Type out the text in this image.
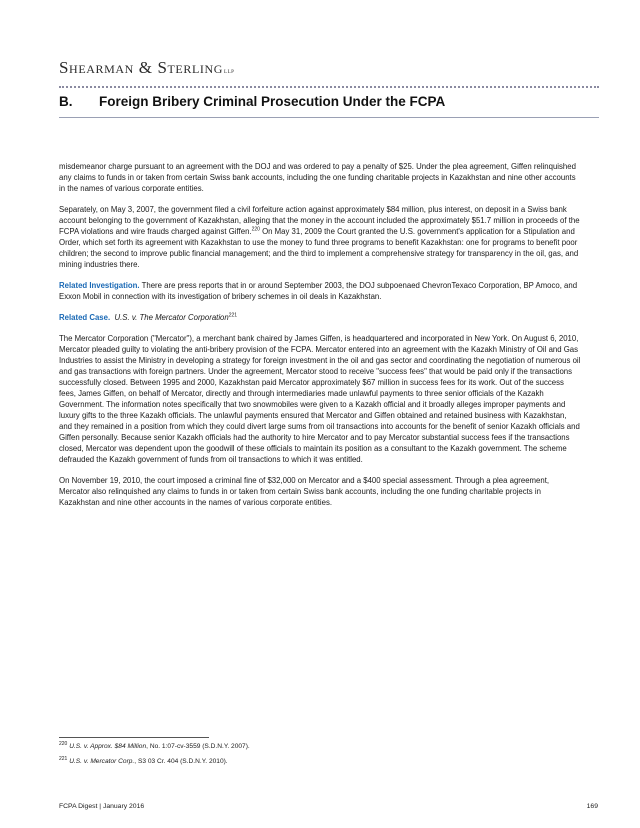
Shearman & Sterlingllp
B. Foreign Bribery Criminal Prosecution Under the FCPA

misdemeanor charge pursuant to an agreement with the DOJ and was ordered to pay a penalty of $25. Under the plea agreement, Giffen relinquished any claims to funds in or taken from certain Swiss bank accounts, including the one funding charitable projects in Kazakhstan and nine other accounts in the names of various corporate entities.

Separately, on May 3, 2007, the government filed a civil forfeiture action against approximately $84 million, plus interest, on deposit in a Swiss bank account belonging to the government of Kazakhstan, alleging that the money in the account included the approximately $51.7 million in proceeds of the FCPA violations and wire frauds charged against Giffen.$^{220}$ On May 31, 2009 the Court granted the U.S. government's application for a Stipulation and Order, which set forth its agreement with Kazakhstan to use the money to fund three programs to benefit Kazakhstan: one for programs to benefit poor children; the second to improve public financial management; and the third to implement a comprehensive strategy for transparency in the oil, gas, and mining industries there.

Related Investigation. There are press reports that in or around September 2003, the DOJ subpoenaed ChevronTexaco Corporation, BP Amoco, and Exxon Mobil in connection with its investigation of bribery schemes in oil deals in Kazakhstan.

Related Case. U.S. v. The Mercator Corporation$^{221}$

The Mercator Corporation ("Mercator"), a merchant bank chaired by James Giffen, is headquartered and incorporated in New York. On August 6, 2010, Mercator pleaded guilty to violating the anti-bribery provision of the FCPA. Mercator entered into an agreement with the Kazakh Ministry of Oil and Gas Industries to assist the Ministry in developing a strategy for foreign investment in the oil and gas sector and coordinating the negotiation of numerous oil and gas transactions with foreign partners. Under the agreement, Mercator stood to receive "success fees" that would be paid only if the transactions successfully closed. Between 1995 and 2000, Kazakhstan paid Mercator approximately $67 million in success fees for its work. Out of the success fees, James Giffen, on behalf of Mercator, directly and through intermediaries made unlawful payments to three senior officials of the Kazakh Government. The information notes specifically that two snowmobiles were given to a Kazakh official and it broadly alleges improper payments and luxury gifts to the three Kazakh officials. The unlawful payments ensured that Mercator and Giffen obtained and retained business with Kazakhstan, and they remained in a position from which they could divert large sums from oil transactions into accounts for the benefit of senior Kazakh officials and Giffen personally. Because senior Kazakh officials had the authority to hire Mercator and to pay Mercator substantial success fees if the transactions closed, Mercator was dependent upon the goodwill of these officials to maintain its position as a consultant to the Kazakh government. The scheme defrauded the Kazakh government of funds from oil transactions to which it was entitled.

On November 19, 2010, the court imposed a criminal fine of $32,000 on Mercator and a $400 special assessment. Through a plea agreement, Mercator also relinquished any claims to funds in or taken from certain Swiss bank accounts, including the one funding charitable projects in Kazakhstan and nine other accounts in the names of various corporate entities.

$^{220}$ U.S. v. Approx. $84 Million, No. 1:07-cv-3559 (S.D.N.Y. 2007).
$^{221}$ U.S. v. Mercator Corp., S3 03 Cr. 404 (S.D.N.Y. 2010).
FCPA Digest | January 2016	169
